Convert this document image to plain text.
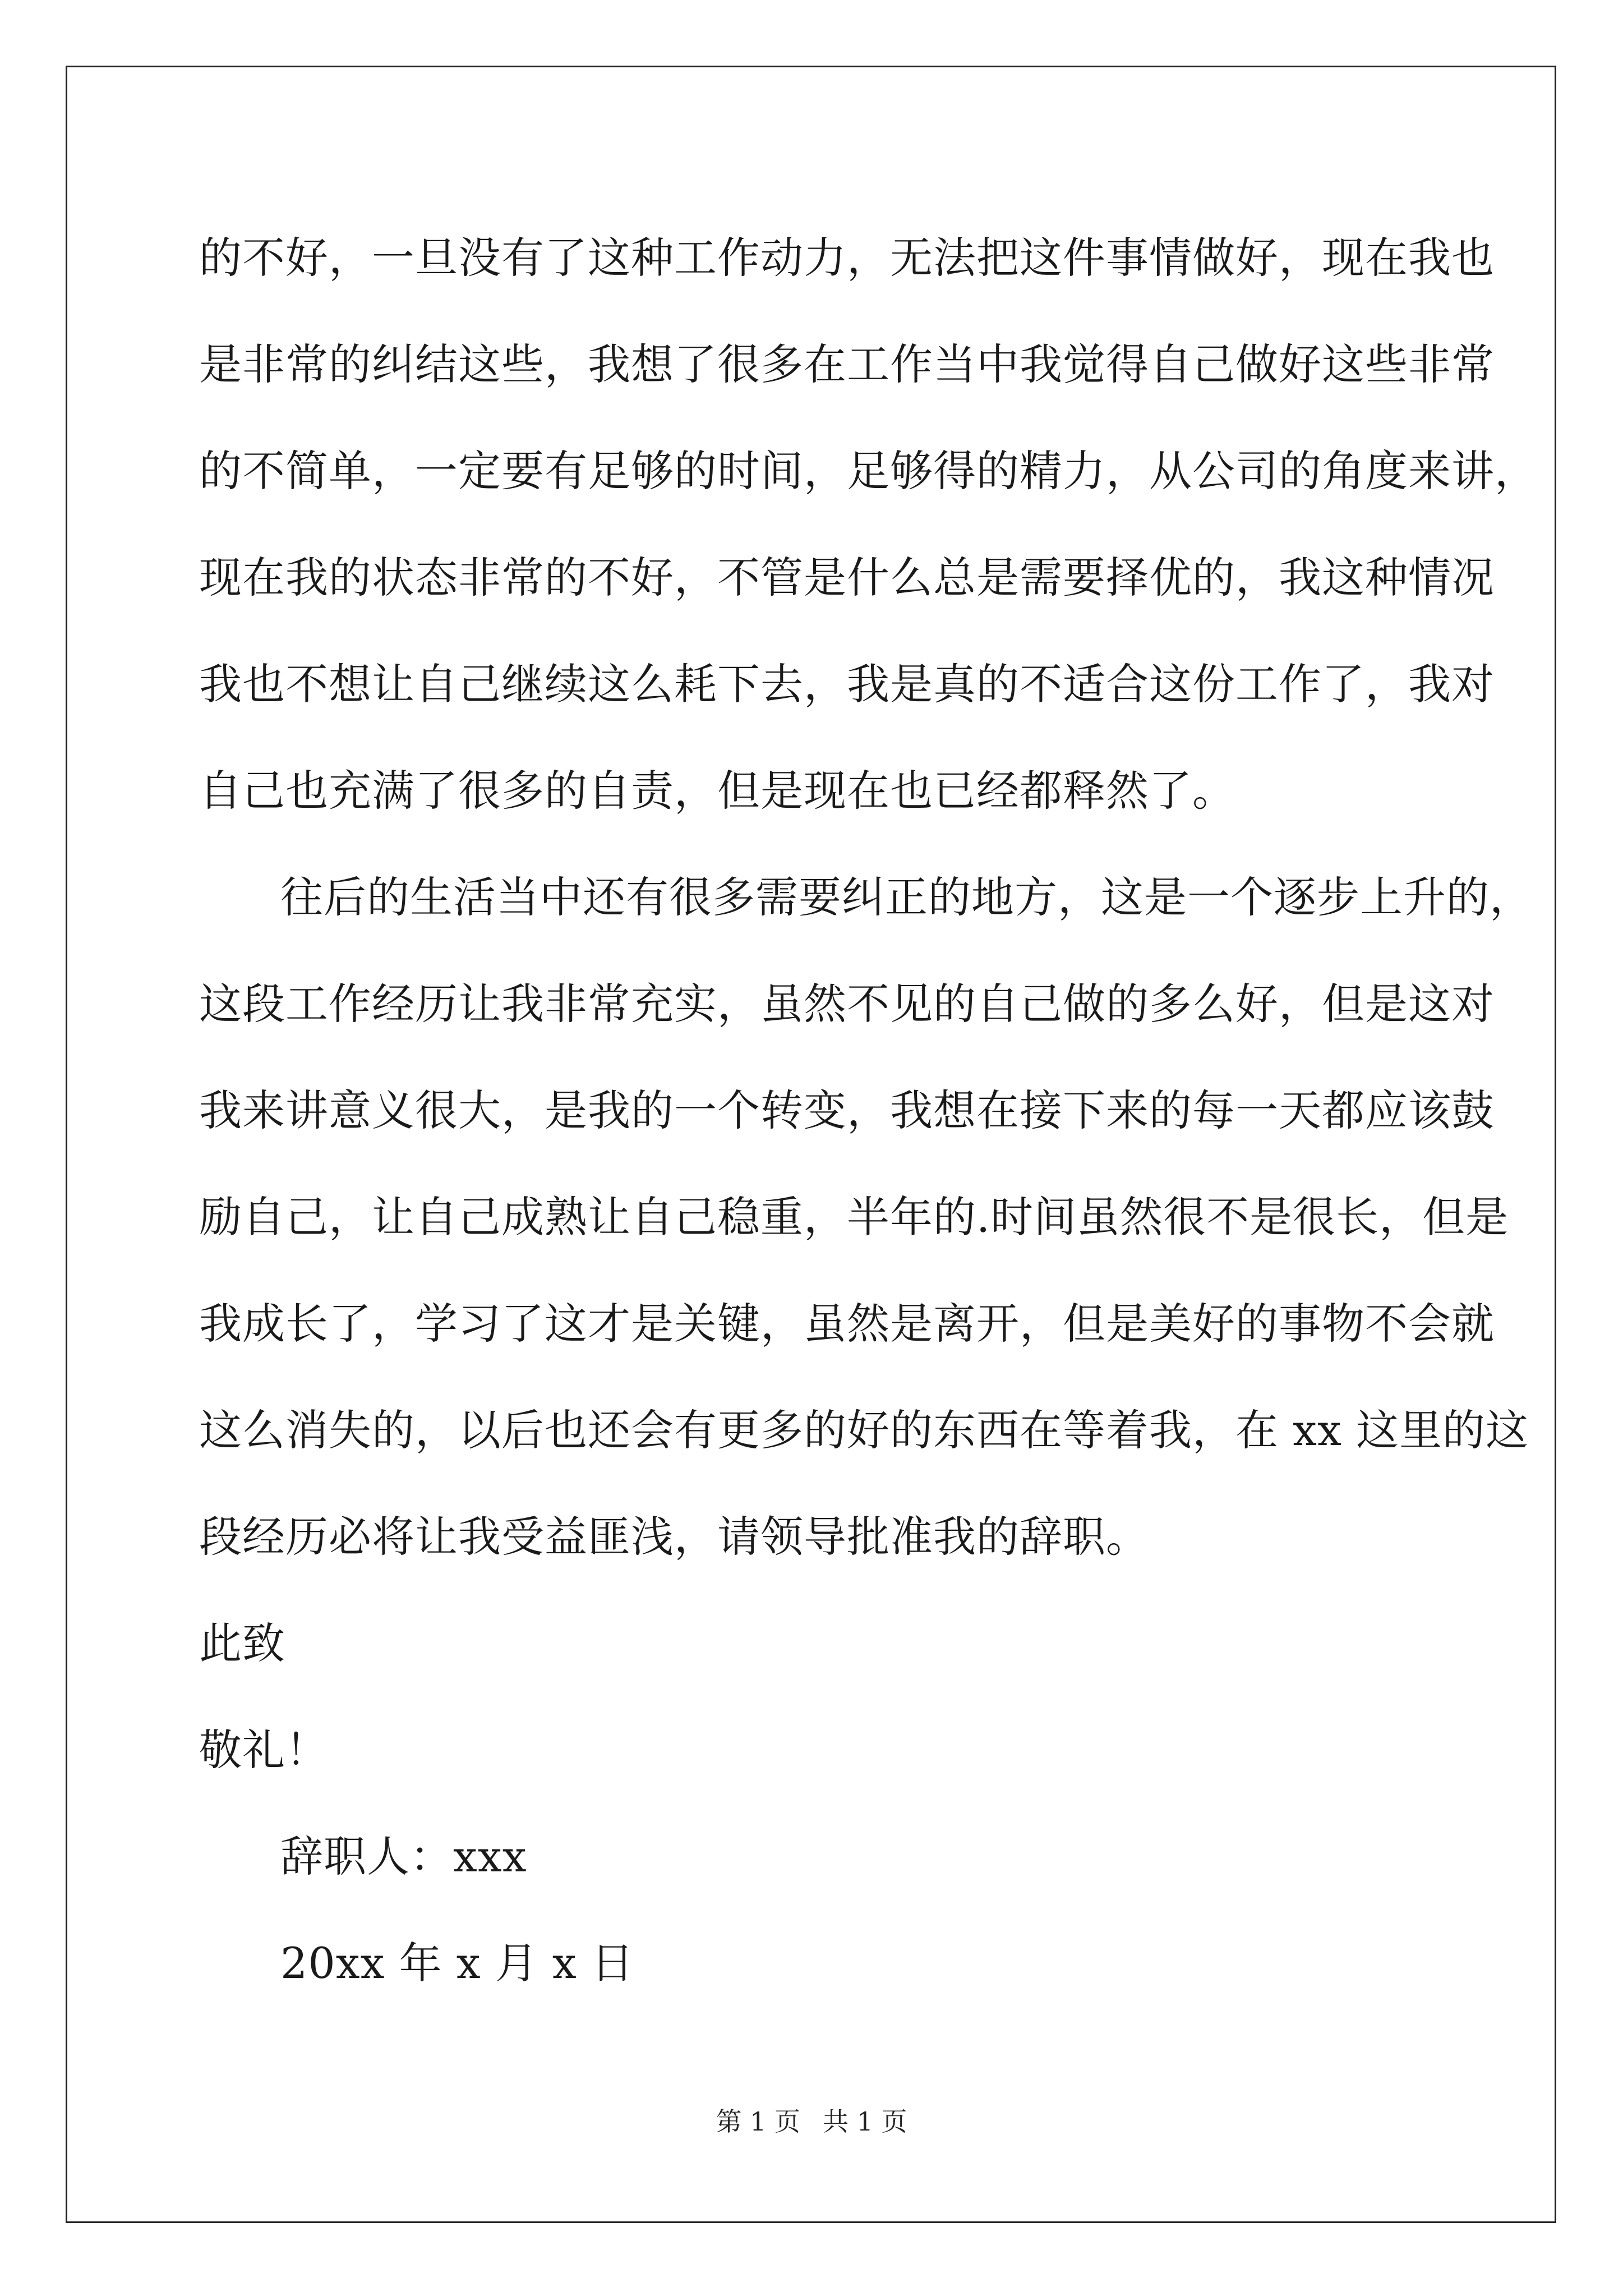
的不好，一旦没有了这种工作动力，无法把这件事情做好，现在我也
是非常的纠结这些，我想了很多在工作当中我觉得自己做好这些非常
的不简单，一定要有足够的时间，足够得的精力，从公司的角度来讲，
现在我的状态非常的不好，不管是什么总是需要择优的，我这种情况
我也不想让自己继续这么耗下去，我是真的不适合这份工作了，我对
自己也充满了很多的自责，但是现在也已经都释然了。
往后的生活当中还有很多需要纠正的地方，这是一个逐步上升的，
这段工作经历让我非常充实，虽然不见的自己做的多么好，但是这对
我来讲意义很大，是我的一个转变，我想在接下来的每一天都应该鼓
励自己，让自己成熟让自己稳重，半年的.时间虽然很不是很长，但是
我成长了，学习了这才是关键，虽然是离开，但是美好的事物不会就
这么消失的，以后也还会有更多的好的东西在等着我，在 xx 这里的这
段经历必将让我受益匪浅，请领导批准我的辞职。
此致
敬礼！
辞职人：xxx
20xx 年 x 月 x 日
第 1 页 共 1 页
